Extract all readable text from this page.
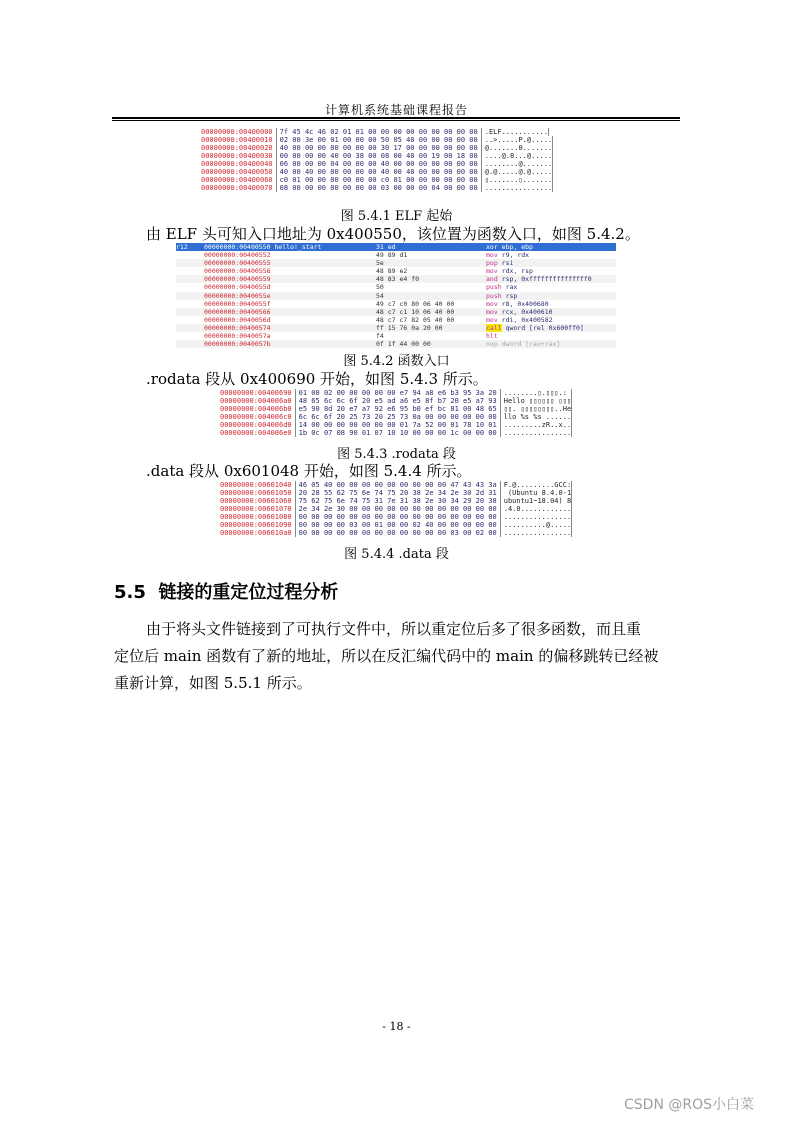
计算机系统基础课程报告
00000000:00400000	7f 45 4c 46 02 01 01 00 00 00 00 00 00 00 00 00	.ELF...........
00000000:00400010	02 00 3e 00 01 00 00 00 50 05 40 00 00 00 00 00	..>.....P.@.....
00000000:00400020	40 00 00 00 00 00 00 00 30 17 00 00 00 00 00 00	@.......0.......
00000000:00400030	00 00 00 00 40 00 38 00 08 00 40 00 19 00 18 00	....@.8...@.....
00000000:00400040	06 00 00 00 04 00 00 00 40 00 00 00 00 00 00 00	........@.......
00000000:00400050	40 00 40 00 00 00 00 00 40 00 40 00 00 00 00 00	@.@.....@.@.....
00000000:00400060	c0 01 00 00 00 00 00 00 c0 01 00 00 00 00 00 00	▯.......▯.......
00000000:00400070	08 00 00 00 00 00 00 00 03 00 00 00 04 00 00 00	................
图 5.4.1 ELF 起始
由 ELF 头可知入口地址为 0x400550，该位置为函数入口，如图 5.4.2。
r12	00000000:00400550 hello!_start	31 ed	xor ebp, ebp
00000000:00400552	49 89 d1	mov r9, rdx
00000000:00400555	5e	pop rsi
00000000:00400556	48 89 e2	mov rdx, rsp
00000000:00400559	48 83 e4 f0	and rsp, 0xfffffffffffffff0
00000000:0040055d	50	push rax
00000000:0040055e	54	push rsp
00000000:0040055f	49 c7 c0 80 06 40 00	mov r8, 0x400680
00000000:00400566	48 c7 c1 10 06 40 00	mov rcx, 0x400610
00000000:0040056d	48 c7 c7 82 05 40 00	mov rdi, 0x400582
00000000:00400574	ff 15 76 0a 20 00	call qword [rel 0x600ff0]
00000000:0040057a	f4	hlt
00000000:0040057b	0f 1f 44 00 00	nop dword [rax+rax]
图 5.4.2 函数入口
.rodata 段从 0x400690 开始，如图 5.4.3 所示。
00000000:00400690	01 00 02 00 00 00 00 00 e7 94 a8 e6 b3 95 3a 20	........▯.▯▯▯.:
00000000:004006a0	48 65 6c 6c 6f 20 e5 ad a6 e5 8f b7 20 e5 a7 93	Hello ▯▯▯▯▯▯ ▯▯▯
00000000:004006b0	e5 90 8d 20 e7 a7 92 e6 95 b0 ef bc 81 00 48 65	▯▯. ▯▯▯▯▯▯▯▯..He
00000000:004006c0	6c 6c 6f 20 25 73 20 25 73 0a 00 00 00 00 00 00	llo %s %s ......
00000000:004006d0	14 00 00 00 00 00 00 00 01 7a 52 00 01 78 10 01	.........zR..x..
00000000:004006e0	1b 0c 07 08 90 01 07 10 10 00 00 00 1c 00 00 00	................
图 5.4.3 .rodata 段
.data 段从 0x601048 开始，如图 5.4.4 所示。
00000000:00601040	46 05 40 00 00 00 00 00 00 00 00 00 47 43 43 3a	F.@.........GCC:
00000000:00601050	20 28 55 62 75 6e 74 75 20 38 2e 34 2e 30 2d 31	(Ubuntu 8.4.0-1
00000000:00601060	75 62 75 6e 74 75 31 7e 31 38 2e 30 34 29 20 38	ubuntu1~18.04) 8
00000000:00601070	2e 34 2e 30 00 00 00 00 00 00 00 00 00 00 00 00	.4.0............
00000000:00601080	00 00 00 00 00 00 00 00 00 00 00 00 00 00 00 00	................
00000000:00601090	00 00 00 00 03 00 01 00 00 02 40 00 00 00 00 00	..........@.....
00000000:006010a0	00 00 00 00 00 00 00 00 00 00 00 00 03 00 02 00	................
图 5.4.4 .data 段
5.5 链接的重定位过程分析
由于将头文件链接到了可执行文件中，所以重定位后多了很多函数，而且重
定位后 main 函数有了新的地址，所以在反汇编代码中的 main 的偏移跳转已经被
重新计算，如图 5.5.1 所示。
- 18 -
CSDN @ROS小白菜
